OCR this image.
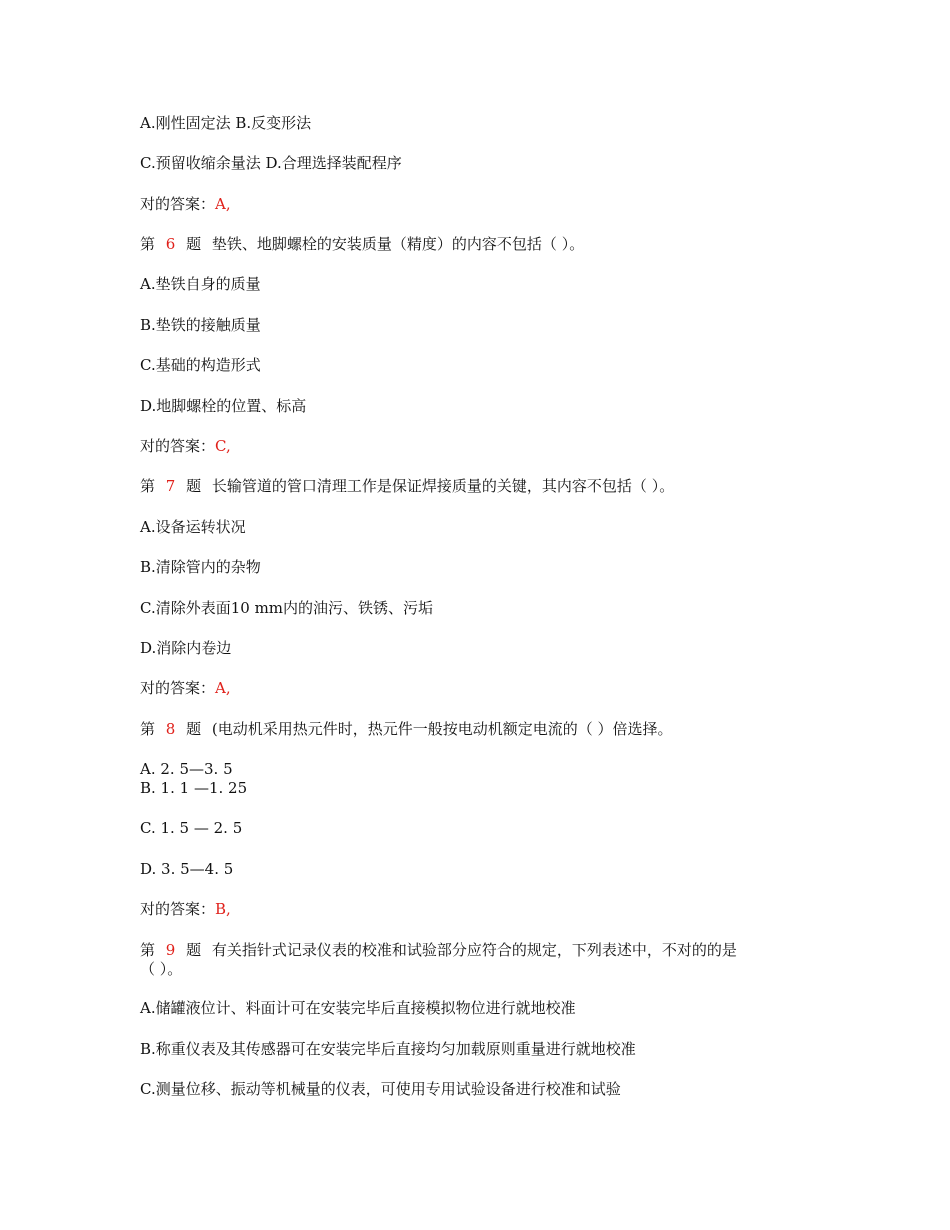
A.刚性固定法 B.反变形法
C.预留收缩余量法 D.合理选择装配程序
对的答案：A,
第 6 题 垫铁、地脚螺栓的安装质量（精度）的内容不包括（ ）。
A.垫铁自身的质量
B.垫铁的接触质量
C.基础的构造形式
D.地脚螺栓的位置、标高
对的答案：C,
第 7 题 长输管道的管口清理工作是保证焊接质量的关键，其内容不包括（ ）。
A.设备运转状况
B.清除管内的杂物
C.清除外表面10 mm内的油污、铁锈、污垢
D.消除内卷边
对的答案：A,
第 8 题 (电动机采用热元件时，热元件一般按电动机额定电流的（ ）倍选择。
A. 2. 5—3. 5
B. 1. 1 —1. 25
C. 1. 5 — 2. 5
D. 3. 5—4. 5
对的答案：B,
第 9 题 有关指针式记录仪表的校准和试验部分应符合的规定，下列表述中，不对的的是
（ ）。
A.储罐液位计、料面计可在安装完毕后直接模拟物位进行就地校准
B.称重仪表及其传感器可在安装完毕后直接均匀加载原则重量进行就地校准
C.测量位移、振动等机械量的仪表，可使用专用试验设备进行校准和试验
